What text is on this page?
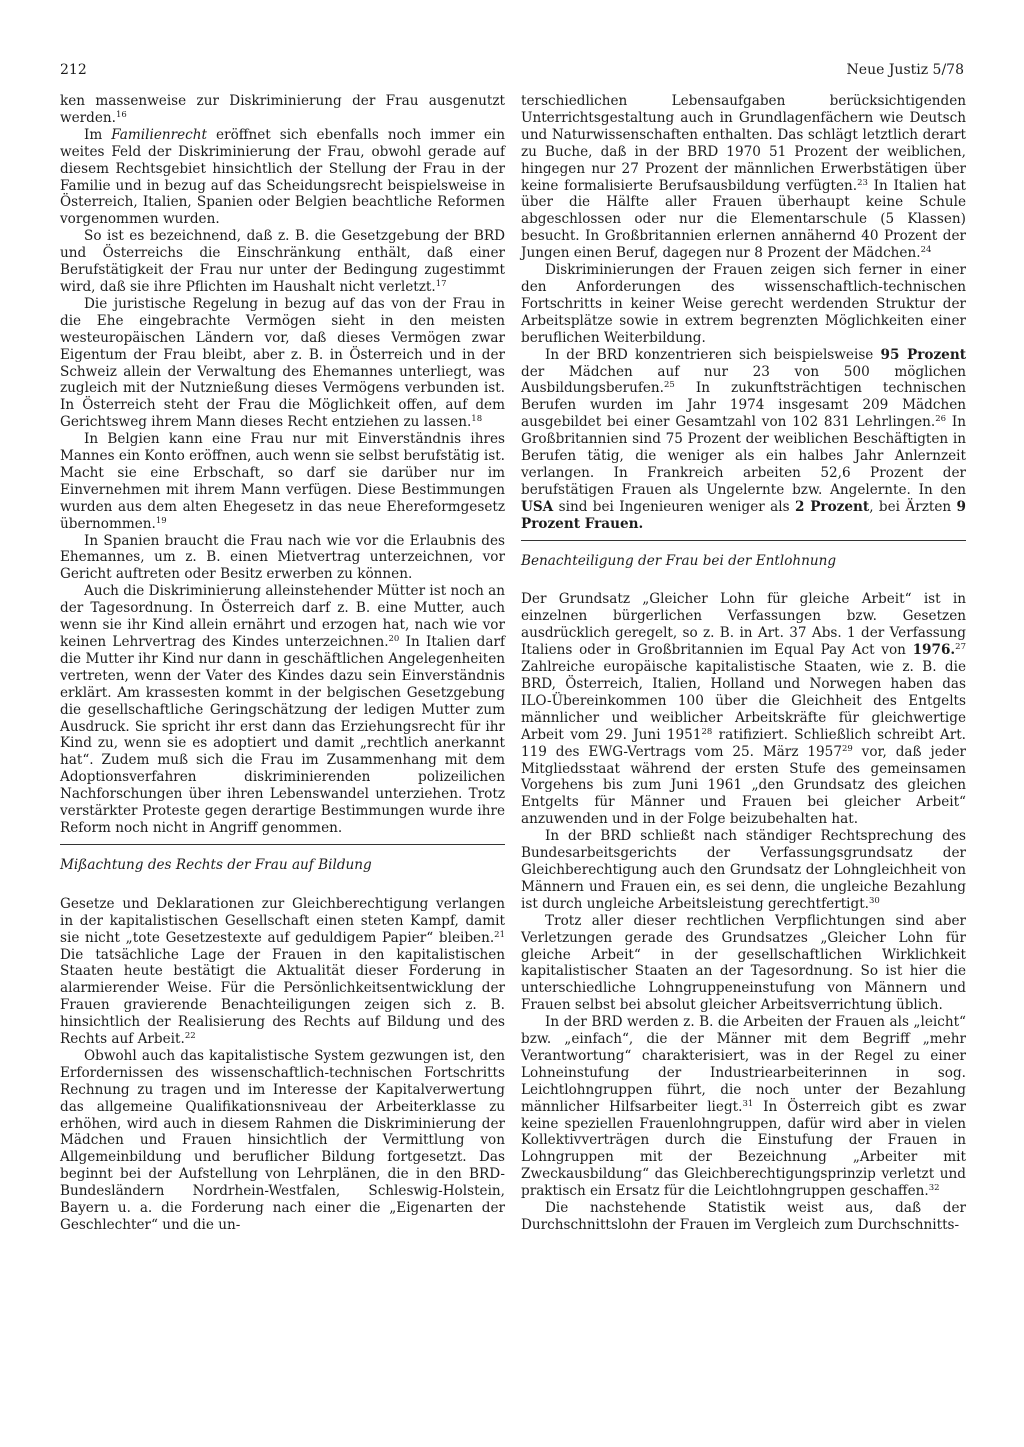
212	Neue Justiz 5/78

ken massenweise zur Diskriminierung der Frau ausgenutzt werden.$^{16}$

Im Familienrecht eröffnet sich ebenfalls noch immer ein weites Feld der Diskriminierung der Frau, obwohl gerade auf diesem Rechtsgebiet hinsichtlich der Stellung der Frau in der Familie und in bezug auf das Scheidungsrecht beispielsweise in Österreich, Italien, Spanien oder Belgien beachtliche Reformen vorgenommen wurden.

So ist es bezeichnend, daß z. B. die Gesetzgebung der BRD und Österreichs die Einschränkung enthält, daß einer Berufstätigkeit der Frau nur unter der Bedingung zugestimmt wird, daß sie ihre Pflichten im Haushalt nicht verletzt.$^{17}$

Die juristische Regelung in bezug auf das von der Frau in die Ehe eingebrachte Vermögen sieht in den meisten westeuropäischen Ländern vor, daß dieses Vermögen zwar Eigentum der Frau bleibt, aber z. B. in Österreich und in der Schweiz allein der Verwaltung des Ehemannes unterliegt, was zugleich mit der Nutznießung dieses Vermögens verbunden ist. In Österreich steht der Frau die Möglichkeit offen, auf dem Gerichtsweg ihrem Mann dieses Recht entziehen zu lassen.$^{18}$

In Belgien kann eine Frau nur mit Einverständnis ihres Mannes ein Konto eröffnen, auch wenn sie selbst berufstätig ist. Macht sie eine Erbschaft, so darf sie darüber nur im Einvernehmen mit ihrem Mann verfügen. Diese Bestimmungen wurden aus dem alten Ehegesetz in das neue Ehereformgesetz übernommen.$^{19}$

In Spanien braucht die Frau nach wie vor die Erlaubnis des Ehemannes, um z. B. einen Mietvertrag unterzeichnen, vor Gericht auftreten oder Besitz erwerben zu können.

Auch die Diskriminierung alleinstehender Mütter ist noch an der Tagesordnung. In Österreich darf z. B. eine Mutter, auch wenn sie ihr Kind allein ernährt und erzogen hat, nach wie vor keinen Lehrvertrag des Kindes unterzeichnen.$^{20}$ In Italien darf die Mutter ihr Kind nur dann in geschäftlichen Angelegenheiten vertreten, wenn der Vater des Kindes dazu sein Einverständnis erklärt. Am krassesten kommt in der belgischen Gesetzgebung die gesellschaftliche Geringschätzung der ledigen Mutter zum Ausdruck. Sie spricht ihr erst dann das Erziehungsrecht für ihr Kind zu, wenn sie es adoptiert und damit „rechtlich anerkannt hat“. Zudem muß sich die Frau im Zusammenhang mit dem Adoptionsverfahren diskriminierenden polizeilichen Nachforschungen über ihren Lebenswandel unterziehen. Trotz verstärkter Proteste gegen derartige Bestimmungen wurde ihre Reform noch nicht in Angriff genommen.

Mißachtung des Rechts der Frau auf Bildung

Gesetze und Deklarationen zur Gleichberechtigung verlangen in der kapitalistischen Gesellschaft einen steten Kampf, damit sie nicht „tote Gesetzestexte auf geduldigem Papier“ bleiben.$^{21}$ Die tatsächliche Lage der Frauen in den kapitalistischen Staaten heute bestätigt die Aktualität dieser Forderung in alarmierender Weise. Für die Persönlichkeitsentwicklung der Frauen gravierende Benachteiligungen zeigen sich z. B. hinsichtlich der Realisierung des Rechts auf Bildung und des Rechts auf Arbeit.$^{22}$

Obwohl auch das kapitalistische System gezwungen ist, den Erfordernissen des wissenschaftlich-technischen Fortschritts Rechnung zu tragen und im Interesse der Kapitalverwertung das allgemeine Qualifikationsniveau der Arbeiterklasse zu erhöhen, wird auch in diesem Rahmen die Diskriminierung der Mädchen und Frauen hinsichtlich der Vermittlung von Allgemeinbildung und beruflicher Bildung fortgesetzt. Das beginnt bei der Aufstellung von Lehrplänen, die in den BRD-Bundesländern Nordrhein-Westfalen, Schleswig-Holstein, Bayern u. a. die Forderung nach einer die „Eigenarten der Geschlechter“ und die un-

terschiedlichen Lebensaufgaben berücksichtigenden Unterrichtsgestaltung auch in Grundlagenfächern wie Deutsch und Naturwissenschaften enthalten. Das schlägt letztlich derart zu Buche, daß in der BRD 1970 51 Prozent der weiblichen, hingegen nur 27 Prozent der männlichen Erwerbstätigen über keine formalisierte Berufsausbildung verfügten.$^{23}$ In Italien hat über die Hälfte aller Frauen überhaupt keine Schule abgeschlossen oder nur die Elementarschule (5 Klassen) besucht. In Großbritannien erlernen annähernd 40 Prozent der Jungen einen Beruf, dagegen nur 8 Prozent der Mädchen.$^{24}$

Diskriminierungen der Frauen zeigen sich ferner in einer den Anforderungen des wissenschaftlich-technischen Fortschritts in keiner Weise gerecht werdenden Struktur der Arbeitsplätze sowie in extrem begrenzten Möglichkeiten einer beruflichen Weiterbildung.

In der BRD konzentrieren sich beispielsweise 95 Prozent der Mädchen auf nur 23 von 500 möglichen Ausbildungsberufen.$^{25}$ In zukunftsträchtigen technischen Berufen wurden im Jahr 1974 insgesamt 209 Mädchen ausgebildet bei einer Gesamtzahl von 102 831 Lehrlingen.$^{26}$ In Großbritannien sind 75 Prozent der weiblichen Beschäftigten in Berufen tätig, die weniger als ein halbes Jahr Anlernzeit verlangen. In Frankreich arbeiten 52,6 Prozent der berufstätigen Frauen als Ungelernte bzw. Angelernte. In den USA sind bei Ingenieuren weniger als 2 Prozent, bei Ärzten 9 Prozent Frauen.

Benachteiligung der Frau bei der Entlohnung

Der Grundsatz „Gleicher Lohn für gleiche Arbeit“ ist in einzelnen bürgerlichen Verfassungen bzw. Gesetzen ausdrücklich geregelt, so z. B. in Art. 37 Abs. 1 der Verfassung Italiens oder in Großbritannien im Equal Pay Act von 1976.27 Zahlreiche europäische kapitalistische Staaten, wie z. B. die BRD, Österreich, Italien, Holland und Norwegen haben das ILO-Übereinkommen 100 über die Gleichheit des Entgelts männlicher und weiblicher Arbeitskräfte für gleichwertige Arbeit vom 29. Juni 1951$^{28}$ ratifiziert. Schließlich schreibt Art. 119 des EWG-Vertrags vom 25. März 1957$^{29}$ vor, daß jeder Mitgliedsstaat während der ersten Stufe des gemeinsamen Vorgehens bis zum Juni 1961 „den Grundsatz des gleichen Entgelts für Männer und Frauen bei gleicher Arbeit“ anzuwenden und in der Folge beizubehalten hat.

In der BRD schließt nach ständiger Rechtsprechung des Bundesarbeitsgerichts der Verfassungsgrundsatz der Gleichberechtigung auch den Grundsatz der Lohngleichheit von Männern und Frauen ein, es sei denn, die ungleiche Bezahlung ist durch ungleiche Arbeitsleistung gerechtfertigt.$^{30}$

Trotz aller dieser rechtlichen Verpflichtungen sind aber Verletzungen gerade des Grundsatzes „Gleicher Lohn für gleiche Arbeit“ in der gesellschaftlichen Wirklichkeit kapitalistischer Staaten an der Tagesordnung. So ist hier die unterschiedliche Lohngruppeneinstufung von Männern und Frauen selbst bei absolut gleicher Arbeitsverrichtung üblich.

In der BRD werden z. B. die Arbeiten der Frauen als „leicht“ bzw. „einfach“, die der Männer mit dem Begriff „mehr Verantwortung“ charakterisiert, was in der Regel zu einer Lohneinstufung der Industriearbeiterinnen in sog. Leichtlohngruppen führt, die noch unter der Bezahlung männlicher Hilfsarbeiter liegt.$^{31}$ In Österreich gibt es zwar keine speziellen Frauenlohngruppen, dafür wird aber in vielen Kollektivverträgen durch die Einstufung der Frauen in Lohngruppen mit der Bezeichnung „Arbeiter mit Zweckausbildung“ das Gleichberechtigungsprinzip verletzt und praktisch ein Ersatz für die Leichtlohngruppen geschaffen.$^{32}$

Die nachstehende Statistik weist aus, daß der Durchschnittslohn der Frauen im Vergleich zum Durchschnitts-
